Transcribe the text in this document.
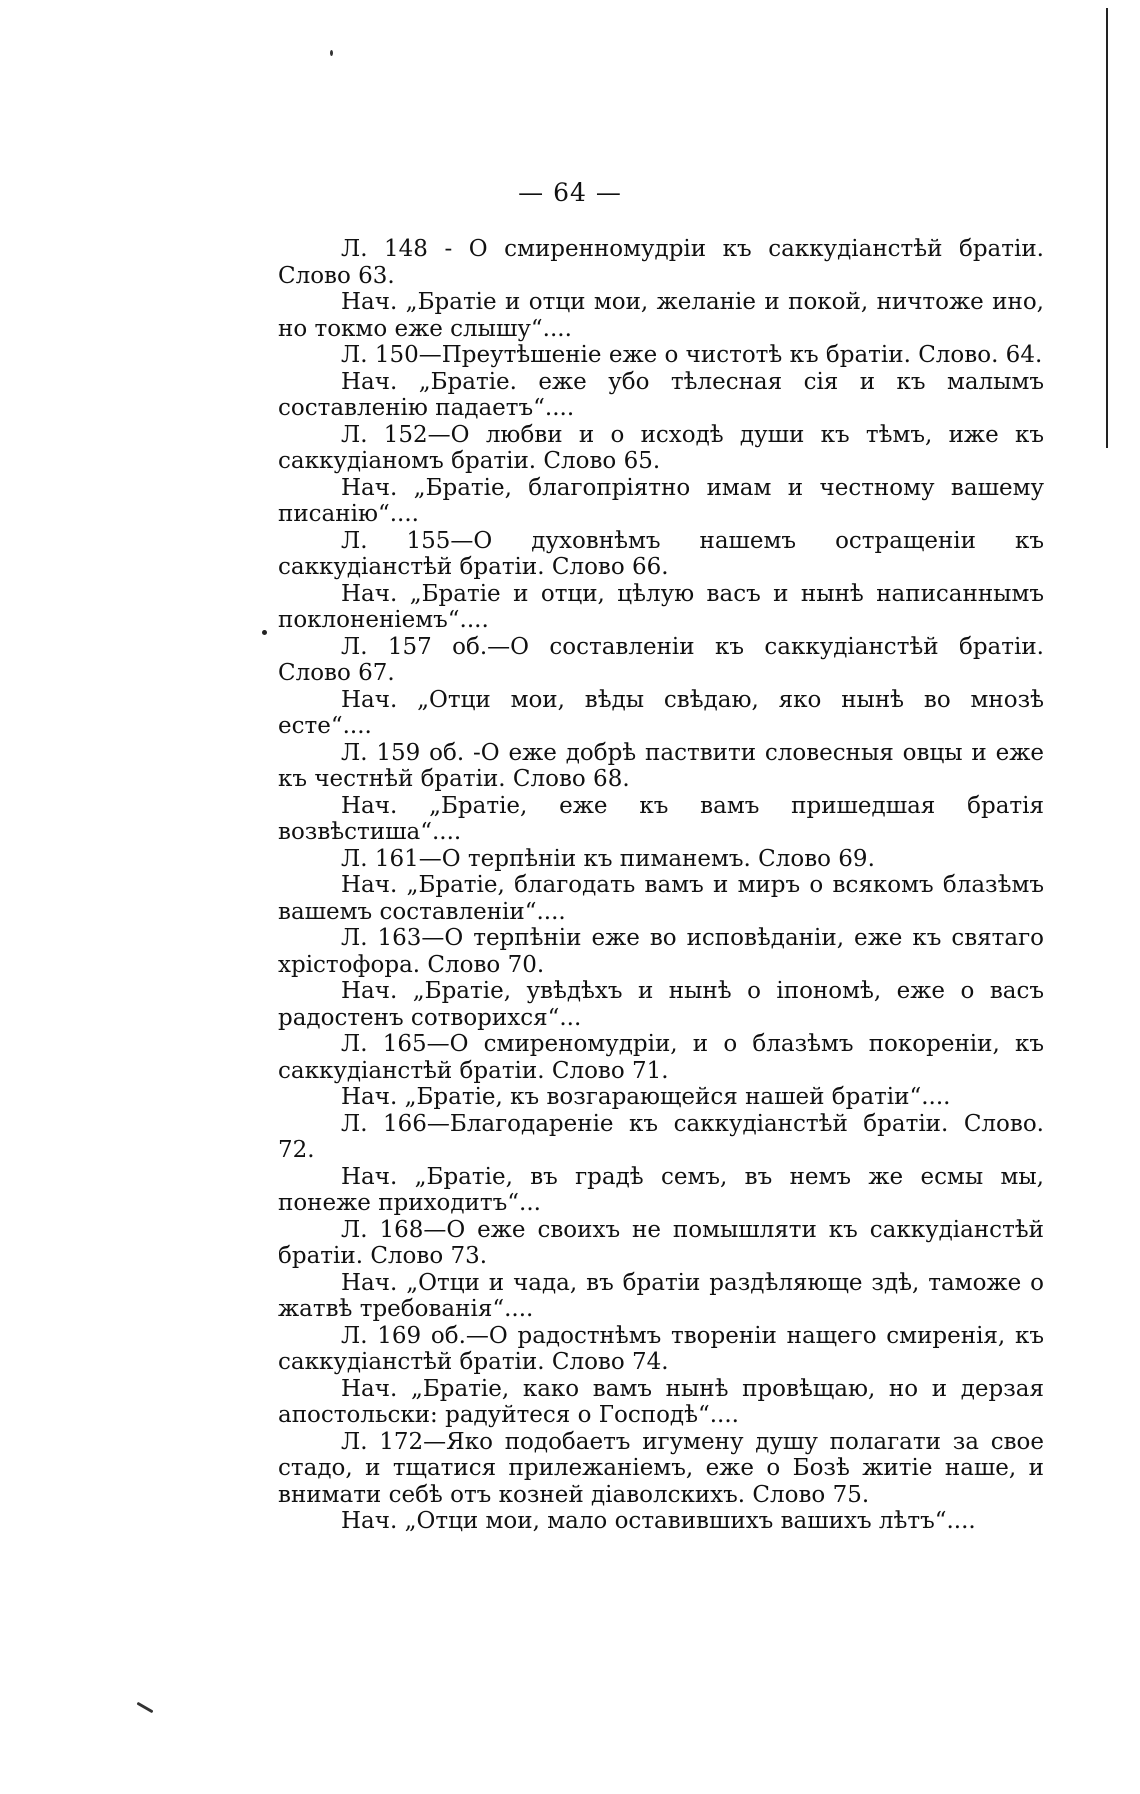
— 64 —

Л. 148 - О смиренномудріи къ саккудіанстѣй братіи. Слово 63.

Нач. „Братіе и отци мои, желаніе и покой, ничтоже ино, но токмо еже слышу“....

Л. 150—Преутѣшеніе еже о чистотѣ къ братіи. Слово. 64.

Нач. „Братіе. еже убо тѣлесная сія и къ малымъ составленію падаетъ“....

Л. 152—О любви и о исходѣ души къ тѣмъ, иже къ саккудіаномъ братіи. Слово 65.

Нач. „Братіе, благопріятно имам и честному вашему писанію“....

Л. 155—О духовнѣмъ нашемъ остращеніи къ саккудіанстѣй братіи. Слово 66.

Нач. „Братіе и отци, цѣлую васъ и нынѣ написаннымъ поклоненіемъ“....

Л. 157 об.—О составленіи къ саккудіанстѣй братіи. Слово 67.

Нач. „Отци мои, вѣды свѣдаю, яко нынѣ во мнозѣ есте“....

Л. 159 об. -О еже добрѣ паствити словесныя овцы и еже къ честнѣй братіи. Слово 68.

Нач. „Братіе, еже къ вамъ пришедшая братія возвѣстиша“....

Л. 161—О терпѣніи къ пиманемъ. Слово 69.

Нач. „Братіе, благодать вамъ и миръ о всякомъ блазѣмъ вашемъ составленіи“....

Л. 163—О терпѣніи еже во исповѣданіи, еже къ святаго хрістофора. Слово 70.

Нач. „Братіе, увѣдѣхъ и нынѣ о іпономѣ, еже о васъ радостенъ сотворихся“...

Л. 165—О смиреномудріи, и о блазѣмъ покореніи, къ саккудіанстѣй братіи. Слово 71.

Нач. „Братіе, къ возгарающейся нашей братіи“....

Л. 166—Благодареніе къ саккудіанстѣй братіи. Слово. 72.

Нач. „Братіе, въ градѣ семъ, въ немъ же есмы мы, понеже приходитъ“...

Л. 168—О еже своихъ не помышляти къ саккудіанстѣй братіи. Слово 73.

Нач. „Отци и чада, въ братіи раздѣляюще здѣ, таможе о жатвѣ требованія“....

Л. 169 об.—О радостнѣмъ твореніи нащего смиренія, къ саккудіанстѣй братіи. Слово 74.

Нач. „Братіе, како вамъ нынѣ провѣщаю, но и дерзая апостольски: радуйтеся о Господѣ“....

Л. 172—Яко подобаетъ игумену душу полагати за свое стадо, и тщатися прилежаніемъ, еже о Бозѣ житіе наше, и внимати себѣ отъ козней діаволскихъ. Слово 75.

Нач. „Отци мои, мало оставившихъ вашихъ лѣтъ“....
